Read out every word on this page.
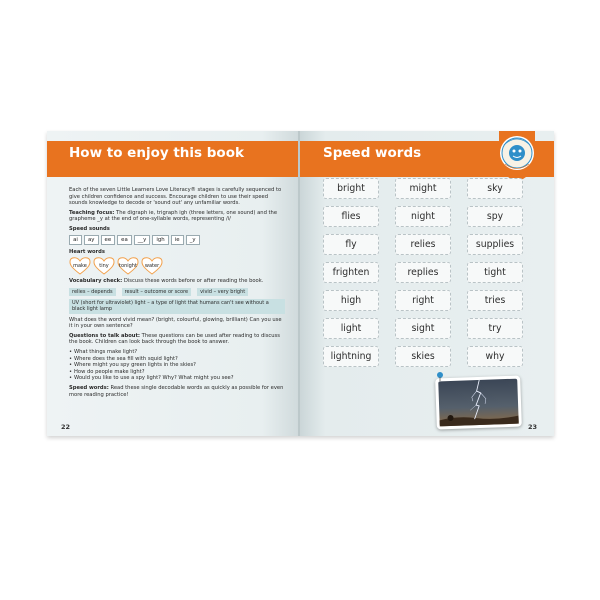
How to enjoy this book

Each of the seven Little Learners Love Literacy® stages is carefully sequenced to give children confidence and success. Encourage children to use their speed sounds knowledge to decode or 'sound out' any unfamiliar words.

Teaching focus: The digraph ie, trigraph igh (three letters, one sound) and the grapheme _y at the end of one-syllable words, representing /i/

Speed sounds
ai	ay	ee	ea	__y	igh	ie	_y
Heart words
make	tiny	tonight	water

Vocabulary check: Discuss these words before or after reading the book.

relies – depends	result – outcome or score	vivid – very bright
UV (short for ultraviolet) light – a type of light that humans can't see without a black light lamp

What does the word vivid mean? (bright, colourful, glowing, brilliant) Can you use it in your own sentence?

Questions to talk about: These questions can be used after reading to discuss the book. Children can look back through the book to answer.

• What things make light?
• Where does the sea fill with squid light?
• Where might you spy green lights in the skies?
• How do people make light?
• Would you like to use a spy light? Why? What might you see?

Speed words: Read these single decodable words as quickly as possible for even more reading practice!

22
Speed words
bright	might	sky
flies	night	spy
fly	relies	supplies
frighten	replies	tight
high	right	tries
light	sight	try
lightning	skies	why
23
